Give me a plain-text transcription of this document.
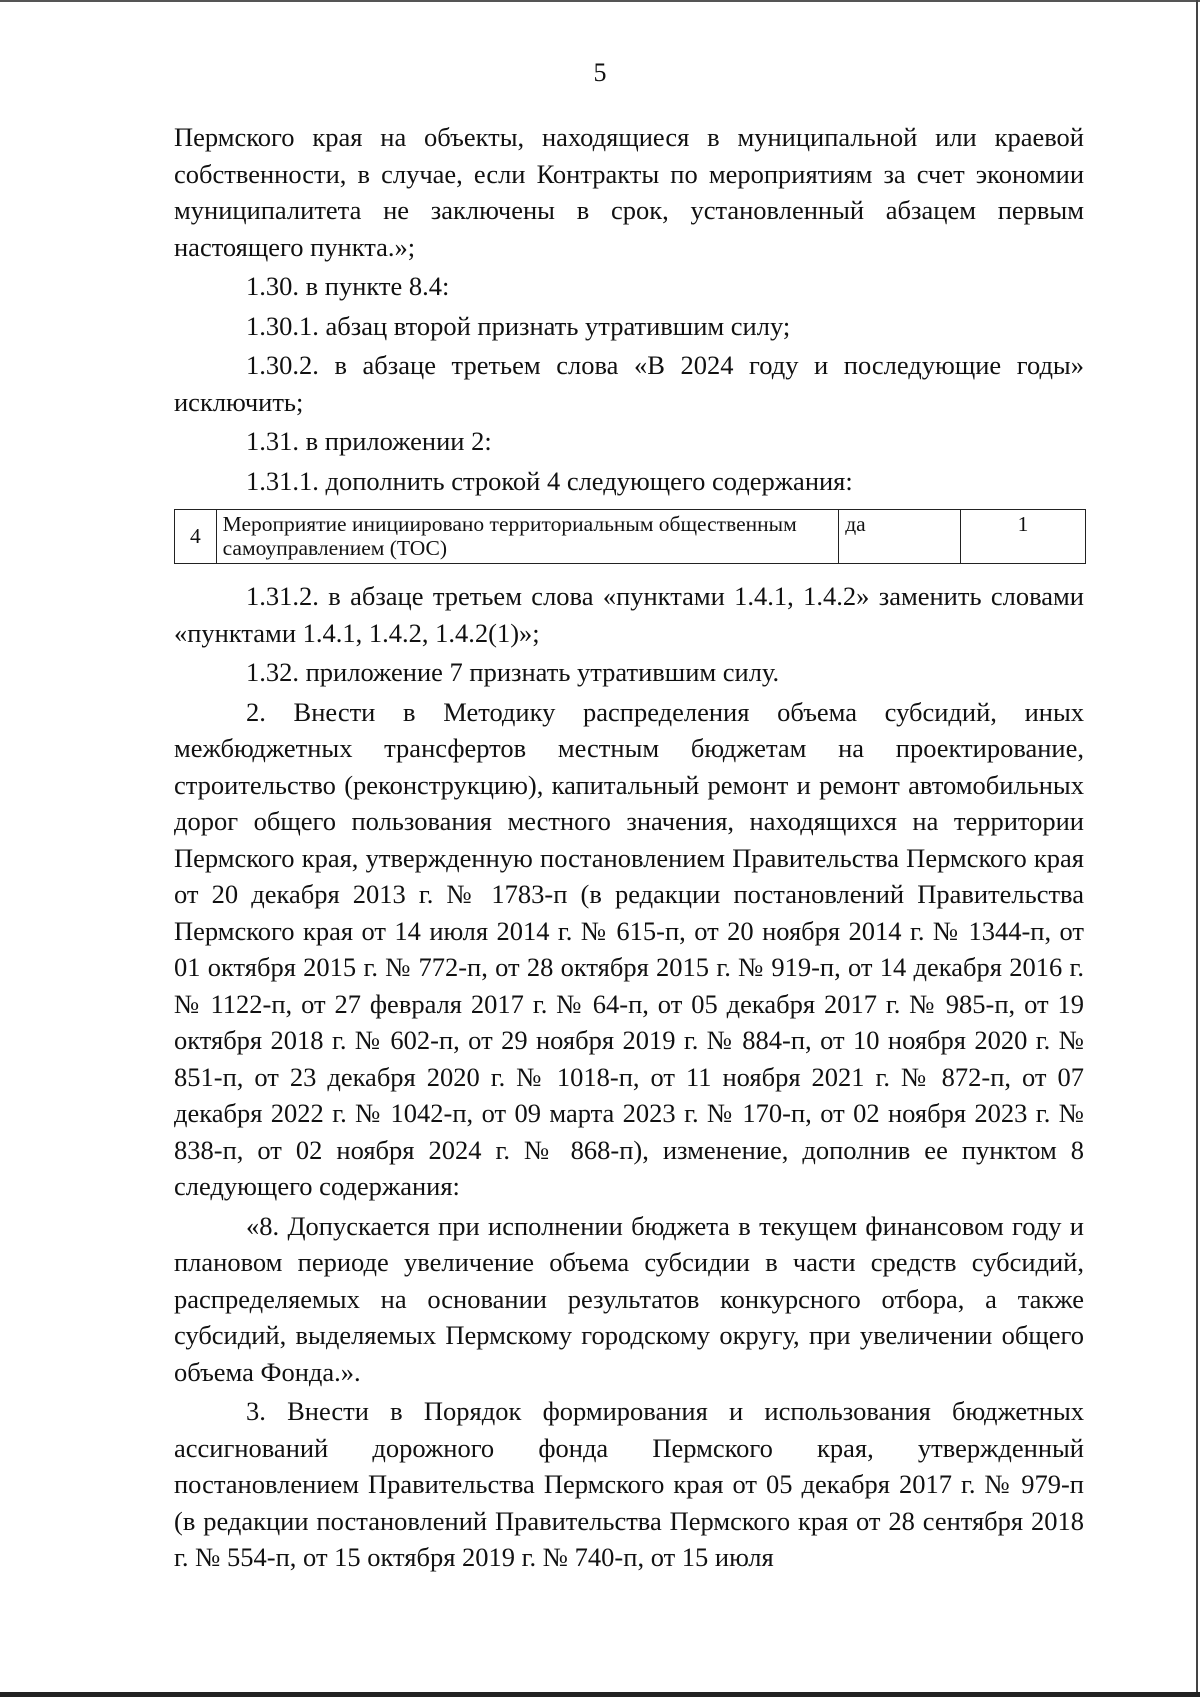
5

Пермского края на объекты, находящиеся в муниципальной или краевой собственности, в случае, если Контракты по мероприятиям за счет экономии муниципалитета не заключены в срок, установленный абзацем первым настоящего пункта.»;

1.30. в пункте 8.4:

1.30.1. абзац второй признать утратившим силу;

1.30.2. в абзаце третьем слова «В 2024 году и последующие годы» исключить;

1.31. в приложении 2:

1.31.1. дополнить строкой 4 следующего содержания:

4	Мероприятие инициировано территориальным общественным самоуправлением (ТОС)	да	1

1.31.2. в абзаце третьем слова «пунктами 1.4.1, 1.4.2» заменить словами «пунктами 1.4.1, 1.4.2, 1.4.2(1)»;

1.32. приложение 7 признать утратившим силу.

2. Внести в Методику распределения объема субсидий, иных межбюджетных трансфертов местным бюджетам на проектирование, строительство (реконструкцию), капитальный ремонт и ремонт автомобильных дорог общего пользования местного значения, находящихся на территории Пермского края, утвержденную постановлением Правительства Пермского края от 20 декабря 2013 г. № 1783-п (в редакции постановлений Правительства Пермского края от 14 июля 2014 г. № 615-п, от 20 ноября 2014 г. № 1344-п, от 01 октября 2015 г. № 772-п, от 28 октября 2015 г. № 919-п, от 14 декабря 2016 г. № 1122-п, от 27 февраля 2017 г. № 64-п, от 05 декабря 2017 г. № 985-п, от 19 октября 2018 г. № 602-п, от 29 ноября 2019 г. № 884-п, от 10 ноября 2020 г. № 851-п, от 23 декабря 2020 г. № 1018-п, от 11 ноября 2021 г. № 872-п, от 07 декабря 2022 г. № 1042-п, от 09 марта 2023 г. № 170-п, от 02 ноября 2023 г. № 838-п, от 02 ноября 2024 г. № 868-п), изменение, дополнив ее пунктом 8 следующего содержания:

«8. Допускается при исполнении бюджета в текущем финансовом году и плановом периоде увеличение объема субсидии в части средств субсидий, распределяемых на основании результатов конкурсного отбора, а также субсидий, выделяемых Пермскому городскому округу, при увеличении общего объема Фонда.».

3. Внести в Порядок формирования и использования бюджетных ассигнований дорожного фонда Пермского края, утвержденный постановлением Правительства Пермского края от 05 декабря 2017 г. № 979-п (в редакции постановлений Правительства Пермского края от 28 сентября 2018 г. № 554-п, от 15 октября 2019 г. № 740-п, от 15 июля
